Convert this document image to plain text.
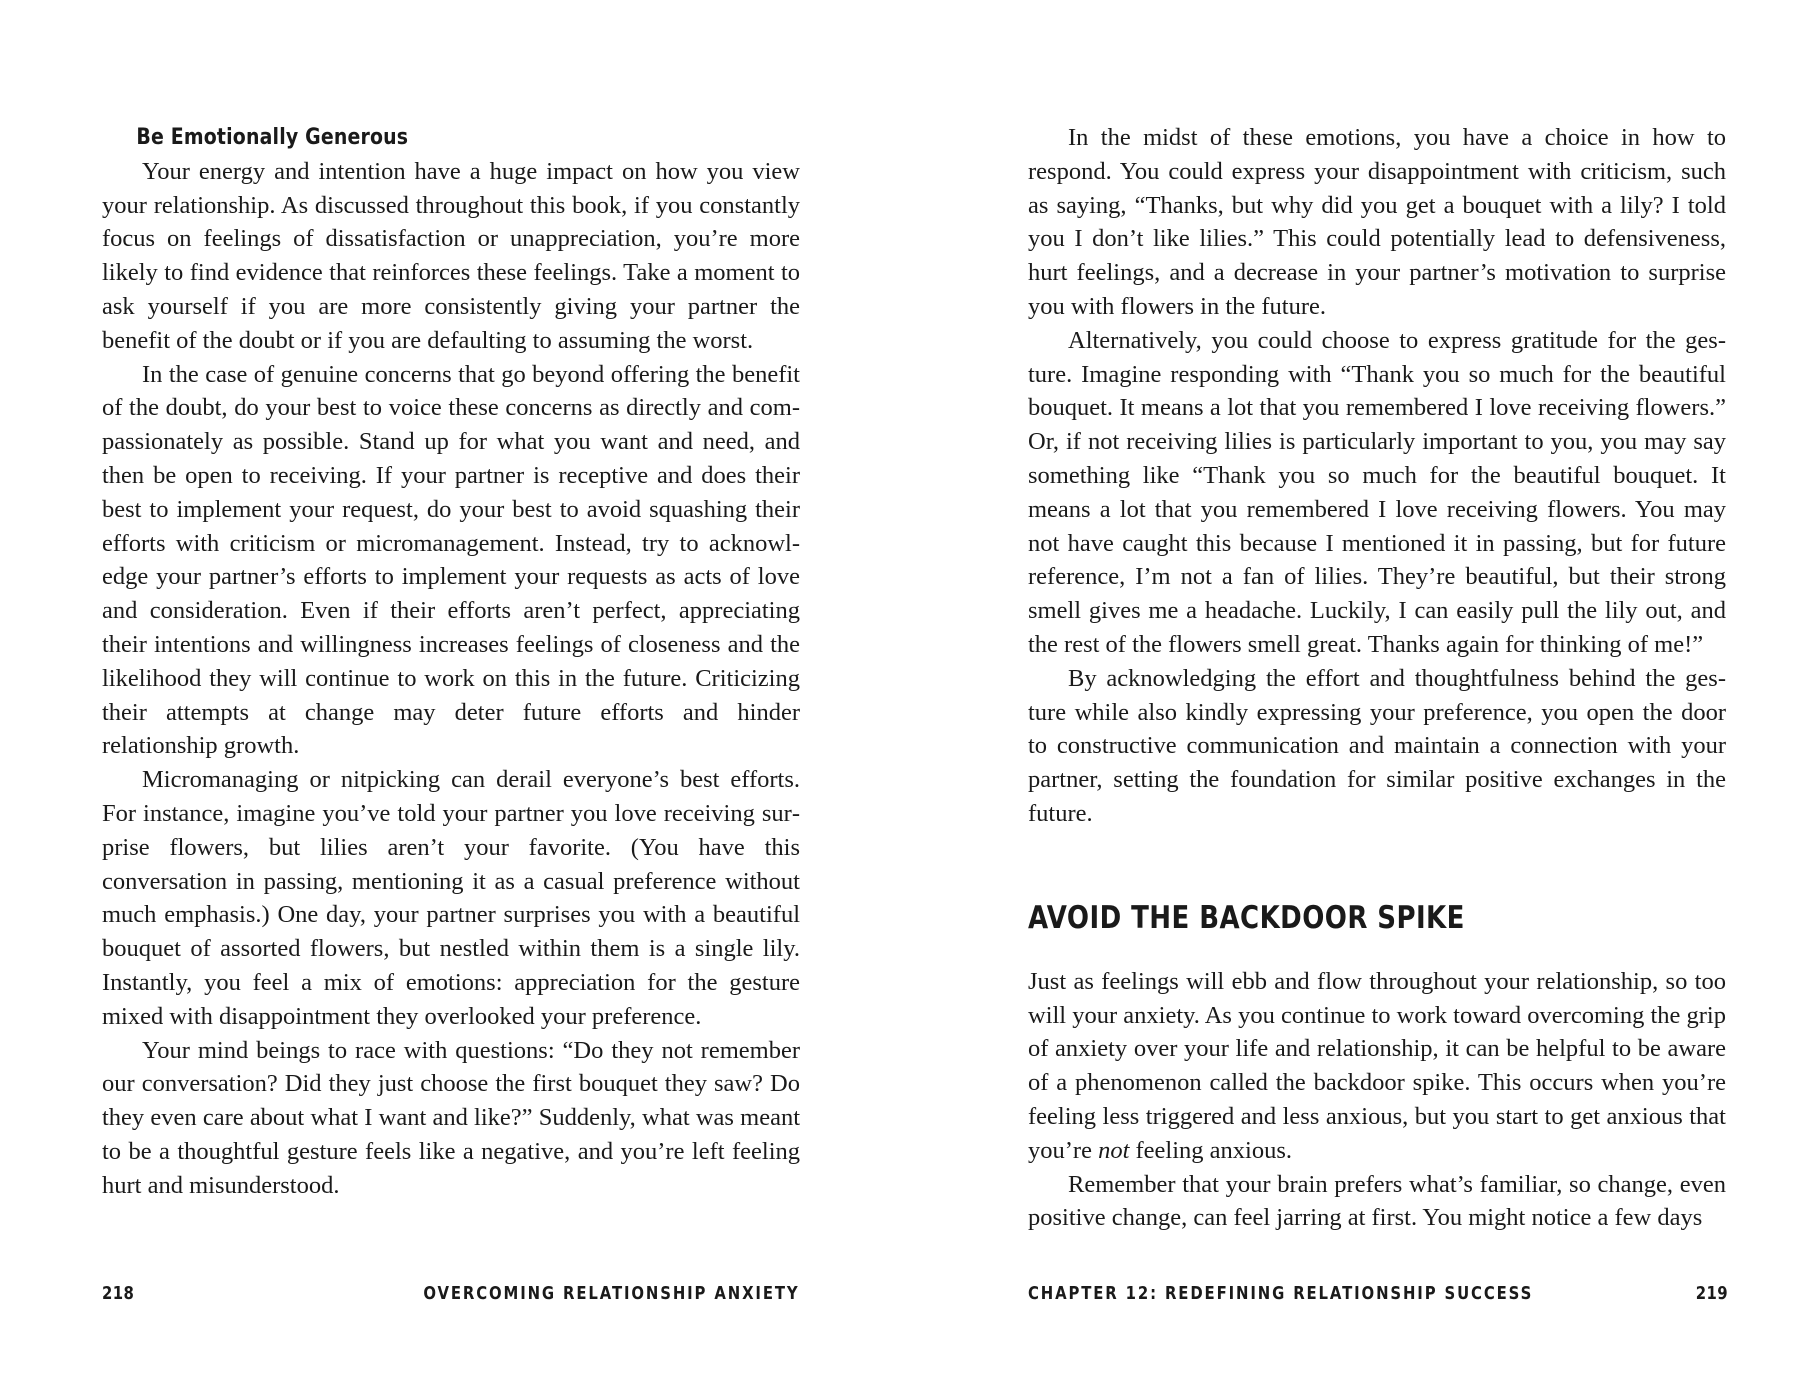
Be Emotionally Generous

Your energy and intention have a huge impact on how you view your relationship. As discussed throughout this book, if you constantly focus on feelings of dissatisfaction or unappreciation, you’re more likely to find evidence that reinforces these feelings. Take a moment to ask yourself if you are more consistently giving your partner the benefit of the doubt or if you are defaulting to assuming the worst.

In the case of genuine concerns that go beyond offering the benefit of the doubt, do your best to voice these concerns as directly and compassionately as possible. Stand up for what you want and need, and then be open to receiving. If your partner is receptive and does their best to implement your request, do your best to avoid squashing their efforts with criticism or micromanagement. Instead, try to acknowledge your partner’s efforts to implement your requests as acts of love and consideration. Even if their efforts aren’t perfect, appreciating their intentions and willingness increases feelings of closeness and the likelihood they will continue to work on this in the future. Criticizing their attempts at change may deter future efforts and hinder relationship growth.

Micromanaging or nitpicking can derail everyone’s best efforts. For instance, imagine you’ve told your partner you love receiving surprise flowers, but lilies aren’t your favorite. (You have this conversation in passing, mentioning it as a casual preference without much emphasis.) One day, your partner surprises you with a beautiful bouquet of assorted flowers, but nestled within them is a single lily. Instantly, you feel a mix of emotions: appreciation for the gesture mixed with disappointment they overlooked your preference.

Your mind beings to race with questions: “Do they not remember our conversation? Did they just choose the first bouquet they saw? Do they even care about what I want and like?” Suddenly, what was meant to be a thoughtful gesture feels like a negative, and you’re left feeling hurt and misunderstood.

218	OVERCOMING RELATIONSHIP ANXIETY

In the midst of these emotions, you have a choice in how to respond. You could express your disappointment with criticism, such as saying, “Thanks, but why did you get a bouquet with a lily? I told you I don’t like lilies.” This could potentially lead to defensiveness, hurt feelings, and a decrease in your partner’s motivation to surprise you with flowers in the future.

Alternatively, you could choose to express gratitude for the gesture. Imagine responding with “Thank you so much for the beautiful bouquet. It means a lot that you remembered I love receiving flowers.” Or, if not receiving lilies is particularly important to you, you may say something like “Thank you so much for the beautiful bouquet. It means a lot that you remembered I love receiving flowers. You may not have caught this because I mentioned it in passing, but for future reference, I’m not a fan of lilies. They’re beautiful, but their strong smell gives me a headache. Luckily, I can easily pull the lily out, and the rest of the flowers smell great. Thanks again for thinking of me!”

By acknowledging the effort and thoughtfulness behind the gesture while also kindly expressing your preference, you open the door to constructive communication and maintain a connection with your partner, setting the foundation for similar positive exchanges in the future.

AVOID THE BACKDOOR SPIKE

Just as feelings will ebb and flow throughout your relationship, so too will your anxiety. As you continue to work toward overcoming the grip of anxiety over your life and relationship, it can be helpful to be aware of a phenomenon called the backdoor spike. This occurs when you’re feeling less triggered and less anxious, but you start to get anxious that you’re not feeling anxious.

Remember that your brain prefers what’s familiar, so change, even positive change, can feel jarring at first. You might notice a few days

CHAPTER 12: REDEFINING RELATIONSHIP SUCCESS	219
